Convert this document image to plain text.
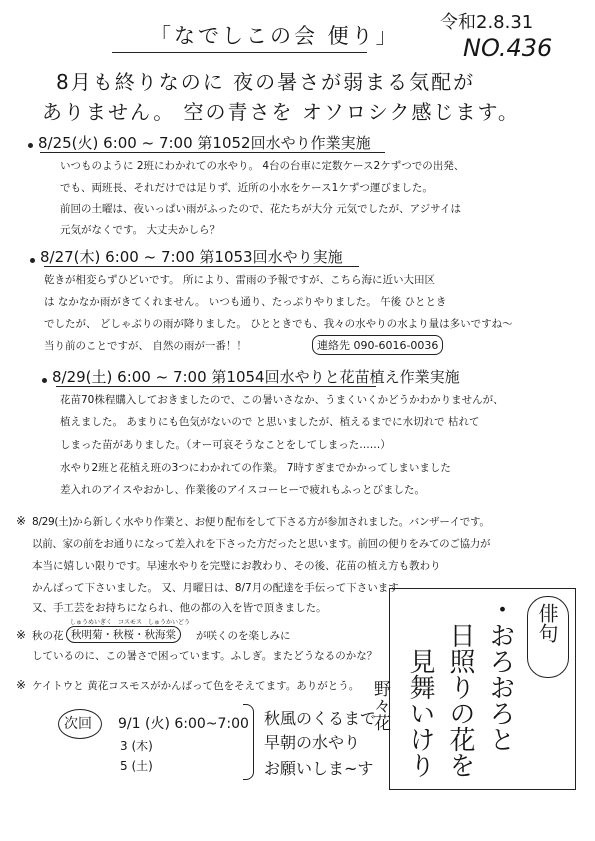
「なでしこの会 便り」
令和2.8.31
NO.436
8月も終りなのに 夜の暑さが弱まる気配が
ありません。 空の青さを オソロシク感じます。
8/25(火) 6:00 ~ 7:00 第1052回水やり作業実施
いつものように 2班にわかれての水やり。 4台の台車に定数ケース2ケずつでの出発、
でも、両班長、それだけでは足りず、近所の小水をケース1ケずつ運びました。
前回の土曜は、夜いっぱい雨がふったので、花たちが大分 元気でしたが、アジサイは
元気がなくです。 大丈夫かしら？
8/27(木) 6:00 ~ 7:00 第1053回水やり実施
乾きが相変らずひどいです。 所により、雷雨の予報ですが、こちら海に近い大田区
は なかなか雨がきてくれません。 いつも通り、たっぷりやりました。 午後 ひととき
でしたが、 どしゃぶりの雨が降りました。 ひとときでも、我々の水やりの水より量は多いですね～
当り前のことですが、 自然の雨が一番！！	連絡先 090-6016-0036
8/29(土) 6:00 ~ 7:00 第1054回水やりと花苗植え作業実施
花苗70株程購入しておきましたので、この暑いさなか、うまくいくかどうかわかりませんが、
植えました。 あまりにも色気がないので と思いましたが、植えるまでに水切れで 枯れて
しまった苗がありました。（オー可哀そうなことをしてしまった……）
水やり2班と花植え班の3つにわかれての作業。 7時すぎまでかかってしまいました
差入れのアイスやおかし、作業後のアイスコーヒーで疲れもふっとびました。
※ 8/29(土)から新しく水やり作業と、お便り配布をして下さる方が参加されました。バンザーイです。
以前、家の前をお通りになって差入れを下さった方だったと思います。前回の便りをみてのご協力が
本当に嬉しい限りです。早速水やりを完璧にお教わり、その後、花苗の植え方も教わり
かんばって下さいました。 又、月曜日は、8/7月の配達を手伝って下さいます
又、手工芸をお持ちになられ、他の都の入を皆で頂きました。
※ 秋の花
しゅうめいぎく　コスモス　しゅうかいどう
秋明菊・秋桜・秋海棠	が咲くのを楽しみに
しているのに、この暑さで困っています。ふしぎ。またどうなるのかな？
※ ケイトウと 黄花コスモスがかんばって色をそえてます。ありがとう。
次回 9/1 (火) 6:00~7:00
3 (木)
5 (土)
秋風のくるまで
早朝の水やり
お願いしま~す
俳句
・おろおろと
日照りの花を
見舞いけり
野々花
